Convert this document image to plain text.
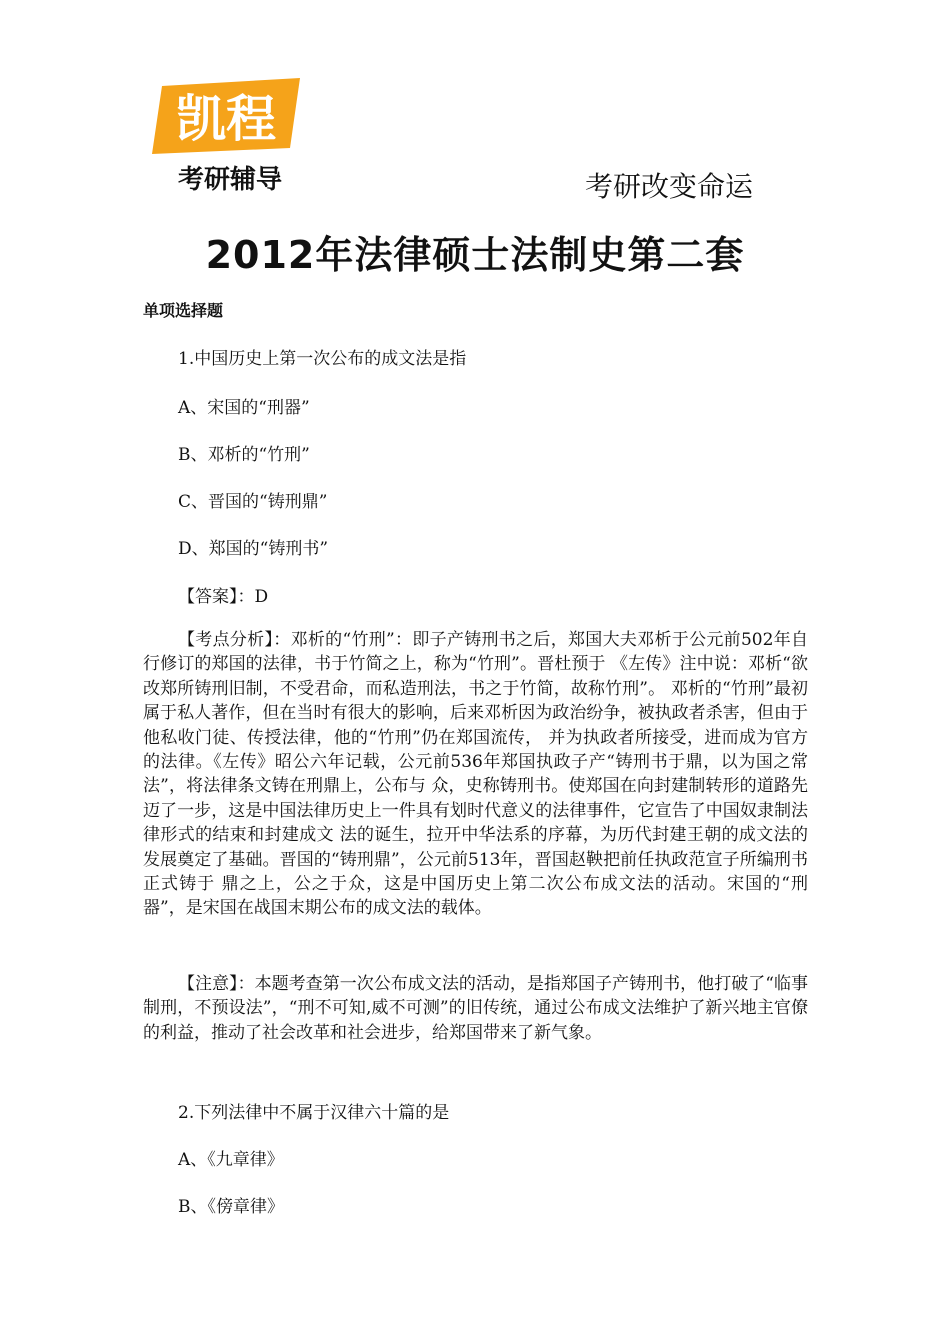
凯程
考研辅导	考研改变命运
2012年法律硕士法制史第二套
单项选择题
1.中国历史上第一次公布的成文法是指
A、宋国的“刑器”
B、邓析的“竹刑”
C、晋国的“铸刑鼎”
D、郑国的“铸刑书”
【答案】：D
【考点分析】：邓析的“竹刑”：即子产铸刑书之后，郑国大夫邓析于公元前502年自行修订的郑国的法律，书于竹简之上，称为“竹刑”。晋杜预于 《左传》注中说：邓析“欲改郑所铸刑旧制，不受君命，而私造刑法，书之于竹简，故称竹刑”。 邓析的“竹刑”最初属于私人著作，但在当时有很大的影响，后来邓析因为政治纷争，被执政者杀害，但由于他私收门徒、传授法律，他的“竹刑”仍在郑国流传， 并为执政者所接受，进而成为官方的法律。《左传》昭公六年记载，公元前536年郑国执政子产“铸刑书于鼎，以为国之常法”，将法律条文铸在刑鼎上，公布与 众，史称铸刑书。使郑国在向封建制转形的道路先迈了一步，这是中国法律历史上一件具有划时代意义的法律事件，它宣告了中国奴隶制法律形式的结束和封建成文 法的诞生，拉开中华法系的序幕，为历代封建王朝的成文法的发展奠定了基础。晋国的“铸刑鼎”，公元前513年，晋国赵鞅把前任执政范宣子所编刑书正式铸于 鼎之上，公之于众，这是中国历史上第二次公布成文法的活动。宋国的“刑器”，是宋国在战国末期公布的成文法的载体。
【注意】：本题考查第一次公布成文法的活动，是指郑国子产铸刑书，他打破了“临事制刑，不预设法”，“刑不可知,威不可测”的旧传统，通过公布成文法维护了新兴地主官僚的利益，推动了社会改革和社会进步，给郑国带来了新气象。
2.下列法律中不属于汉律六十篇的是
A、《九章律》
B、《傍章律》
